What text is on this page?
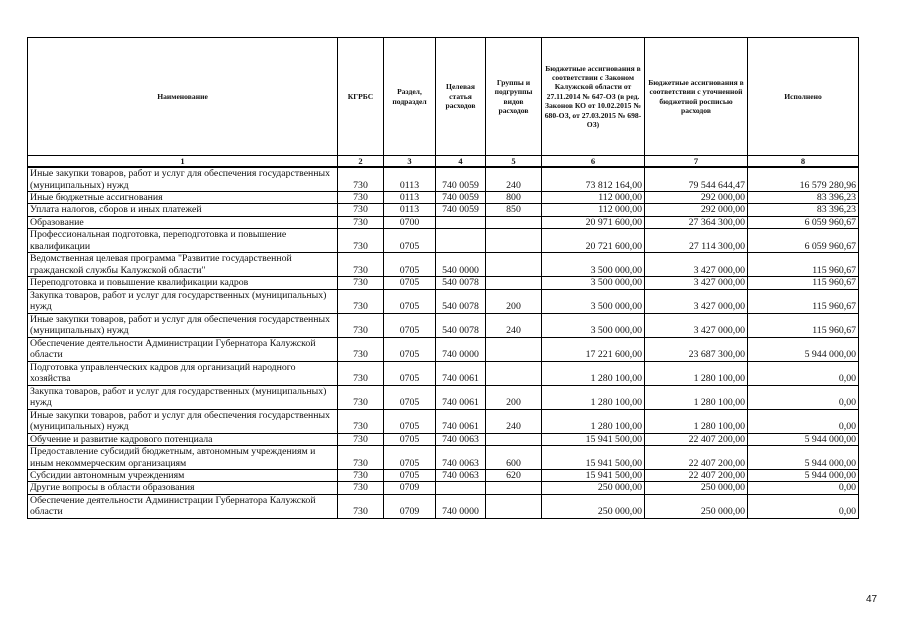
Наименование	КГРБС	Раздел, подраздел	Целевая статья расходов	Группы и подгруппы видов расходов	Бюджетные ассигнования в соответствии с Законом Калужской области от 27.11.2014 № 647-ОЗ (в ред. Законов КО от 10.02.2015 № 680-ОЗ, от 27.03.2015 № 698-ОЗ)	Бюджетные ассигнования в соответствии с уточненной бюджетной росписью расходов	Исполнено
1	2	3	4	5	6	7	8
Иные закупки товаров, работ и услуг для обеспечения государственных (муниципальных) нужд	730	0113	740 0059	240	73 812 164,00	79 544 644,47	16 579 280,96
Иные бюджетные ассигнования	730	0113	740 0059	800	112 000,00	292 000,00	83 396,23
Уплата налогов, сборов и иных платежей	730	0113	740 0059	850	112 000,00	292 000,00	83 396,23
Образование	730	0700			20 971 600,00	27 364 300,00	6 059 960,67
Профессиональная подготовка, переподготовка и повышение квалификации	730	0705			20 721 600,00	27 114 300,00	6 059 960,67
Ведомственная целевая программа "Развитие государственной гражданской службы Калужской области"	730	0705	540 0000		3 500 000,00	3 427 000,00	115 960,67
Переподготовка и повышение квалификации кадров	730	0705	540 0078		3 500 000,00	3 427 000,00	115 960,67
Закупка товаров, работ и услуг для государственных (муниципальных) нужд	730	0705	540 0078	200	3 500 000,00	3 427 000,00	115 960,67
Иные закупки товаров, работ и услуг для обеспечения государственных (муниципальных) нужд	730	0705	540 0078	240	3 500 000,00	3 427 000,00	115 960,67
Обеспечение деятельности Администрации Губернатора Калужской области	730	0705	740 0000		17 221 600,00	23 687 300,00	5 944 000,00
Подготовка управленческих кадров для организаций народного хозяйства	730	0705	740 0061		1 280 100,00	1 280 100,00	0,00
Закупка товаров, работ и услуг для государственных (муниципальных) нужд	730	0705	740 0061	200	1 280 100,00	1 280 100,00	0,00
Иные закупки товаров, работ и услуг для обеспечения государственных (муниципальных) нужд	730	0705	740 0061	240	1 280 100,00	1 280 100,00	0,00
Обучение и развитие кадрового потенциала	730	0705	740 0063		15 941 500,00	22 407 200,00	5 944 000,00
Предоставление субсидий бюджетным, автономным учреждениям и иным некоммерческим организациям	730	0705	740 0063	600	15 941 500,00	22 407 200,00	5 944 000,00
Субсидии автономным учреждениям	730	0705	740 0063	620	15 941 500,00	22 407 200,00	5 944 000,00
Другие вопросы в области образования	730	0709			250 000,00	250 000,00	0,00
Обеспечение деятельности Администрации Губернатора Калужской области	730	0709	740 0000		250 000,00	250 000,00	0,00
47
